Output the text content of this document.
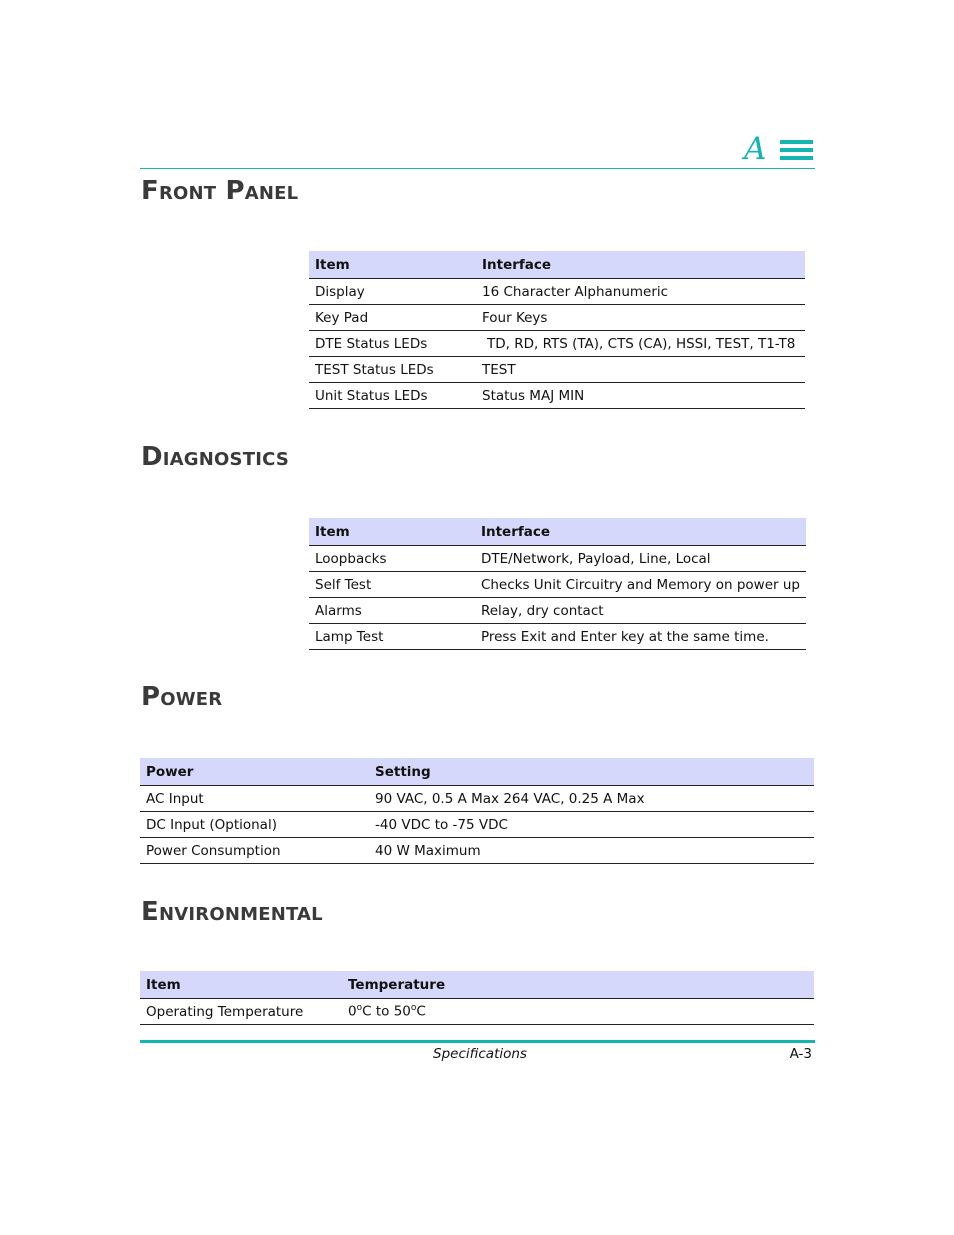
A
Front Panel
Item	Interface
Display	16 Character Alphanumeric
Key Pad	Four Keys
DTE Status LEDs	TD, RD, RTS (TA), CTS (CA), HSSI, TEST, T1-T8
TEST Status LEDs	TEST
Unit Status LEDs	Status MAJ MIN
Diagnostics
Item	Interface
Loopbacks	DTE/Network, Payload, Line, Local
Self Test	Checks Unit Circuitry and Memory on power up
Alarms	Relay, dry contact
Lamp Test	Press Exit and Enter key at the same time.
Power
Power	Setting
AC Input	90 VAC, 0.5 A Max 264 VAC, 0.25 A Max
DC Input (Optional)	-40 VDC to -75 VDC
Power Consumption	40 W Maximum
Environmental
Item	Temperature
Operating Temperature	0$^o$C to 50$^o$C
Specifications	A-3
